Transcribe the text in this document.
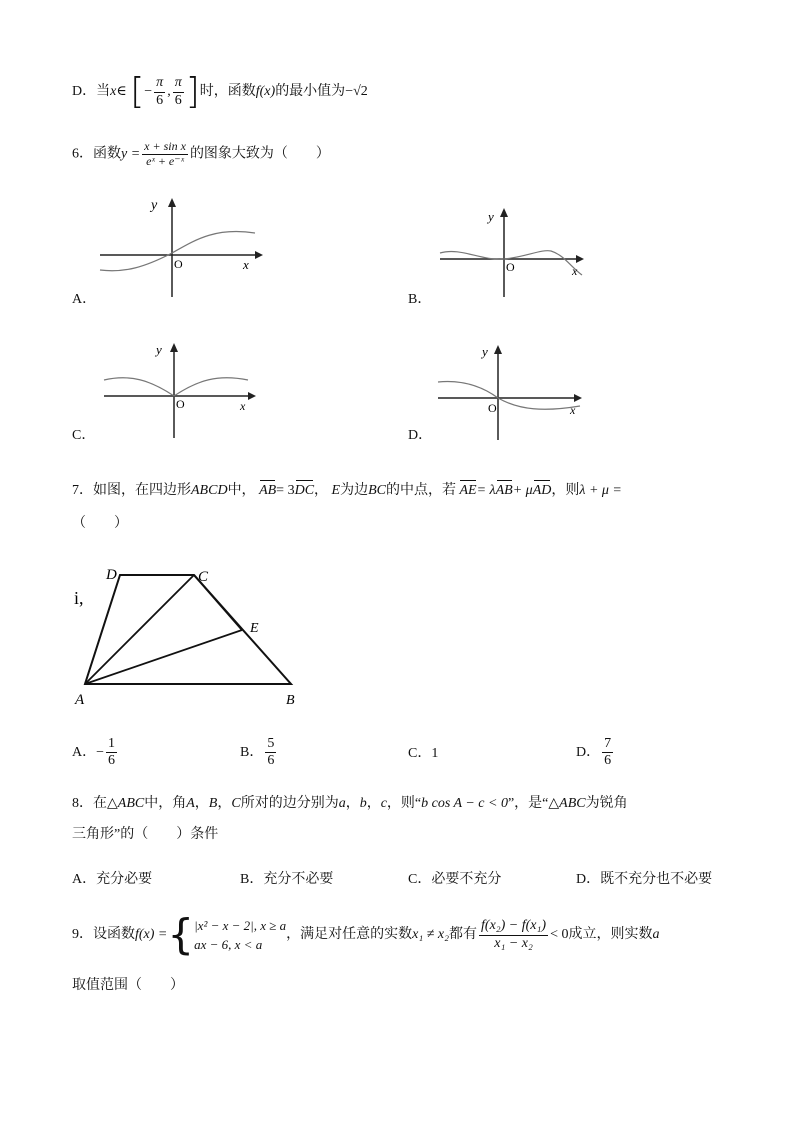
D．当x∈ [− $\frac{\pi}{6}$ , $\frac{\pi}{6}$ ]时，函数f(x)的最小值为−√2
6．函数$y = \frac{\text{x + sin x}}{\text{eˣ + e⁻ˣ}}$ 的图象大致为（　　）
A．
y
x
O
B．
y
x
O
C．
y
x
O
D．
y
x
O
7．如图，在四边形ABCD中， AB= 3DC， E为边BC的中点，若 AE= λAB+ μAD，则λ + μ =
（　　）
i,
D	C
E
A	B
A．− $\frac{1}{6}$	B． $\frac{5}{6}$	C．1	D． $\frac{7}{6}$
8．在△ABC中，角A，B，C所对的边分别为a，b，c，则“b cos A − c < 0”，是“△ABC为锐角
三角形”的（　　）条件
A．充分必要	B．充分不必要	C．必要不充分	D．既不充分也不必要
9．设函数 f(x) = { |x² − x − 2|, x ≥ a
ax − 6, x < a
，满足对任意的实数 x₁ ≠ x₂ 都有 $\frac{\text{f(x₂) − f(x₁)}}{\text{x₁ − x₂}} < 0$ 成立，则实数 a
取值范围（　　）
